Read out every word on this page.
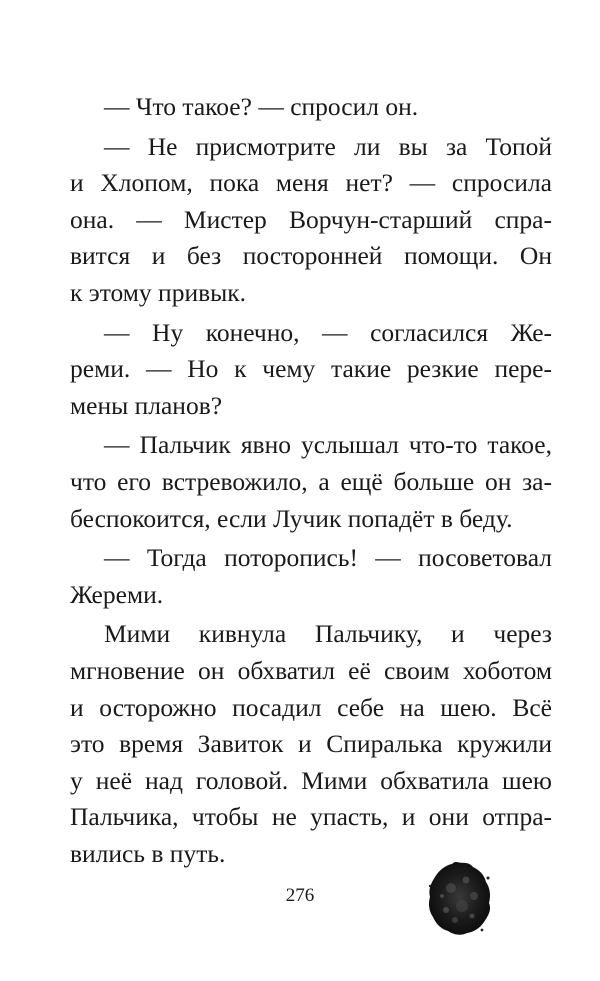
— Что такое? — спросил он.

— Не присмотрите ли вы за Топой
и Хлопом, пока меня нет? — спросила
она. — Мистер Ворчун-старший спра-
вится и без посторонней помощи. Он
к этому привык.

— Ну конечно, — согласился Же-
реми. — Но к чему такие резкие пере-
мены планов?

— Пальчик явно услышал что-то такое,
что его встревожило, а ещё больше он за-
беспокоится, если Лучик попадёт в беду.

— Тогда поторопись! — посоветовал
Жереми.

Мими кивнула Пальчику, и через
мгновение он обхватил её своим хоботом
и осторожно посадил себе на шею. Всё
это время Завиток и Спиралька кружили
у неё над головой. Мими обхватила шею
Пальчика, чтобы не упасть, и они отпра-
вились в путь.

276
